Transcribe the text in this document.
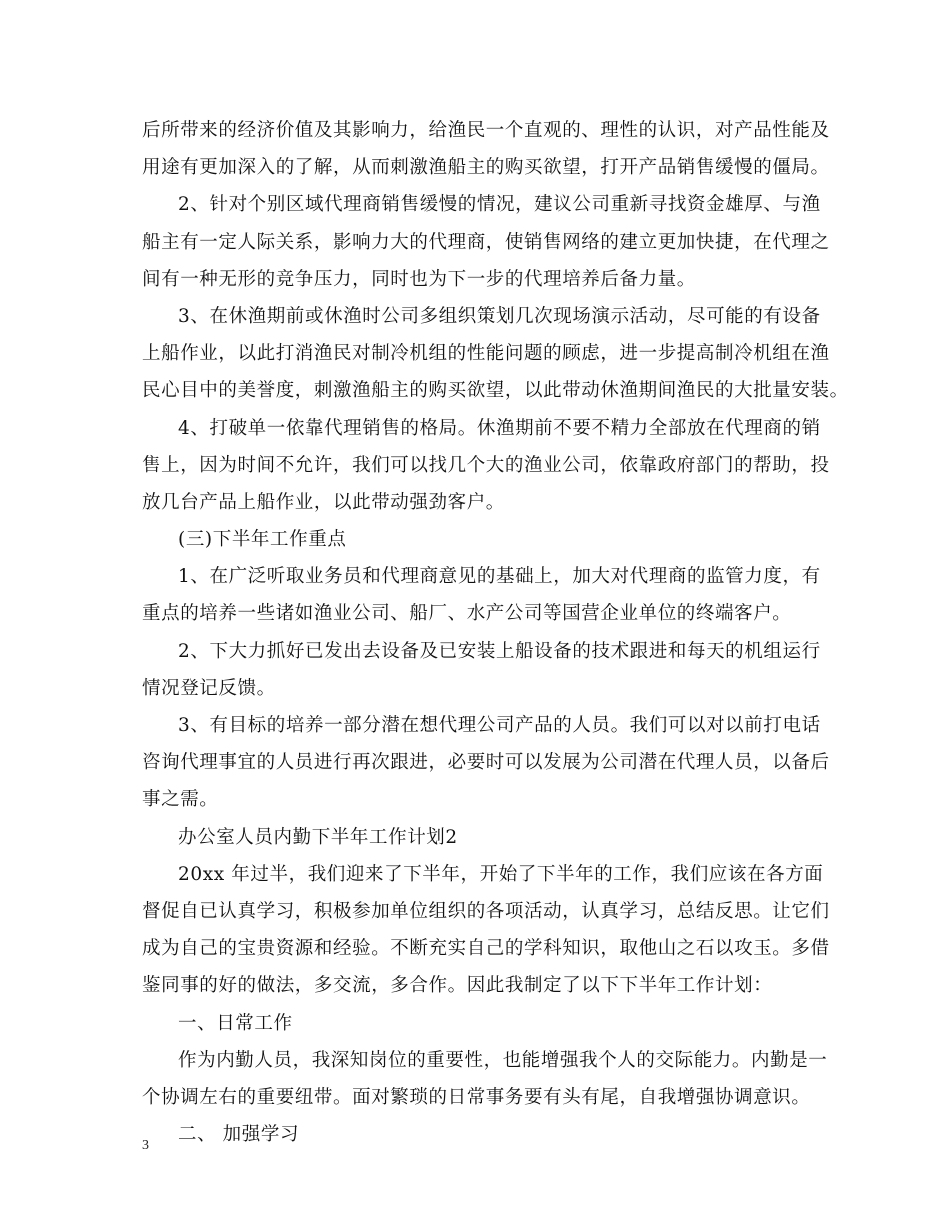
后所带来的经济价值及其影响力，给渔民一个直观的、理性的认识，对产品性能及
用途有更加深入的了解，从而刺激渔船主的购买欲望，打开产品销售缓慢的僵局。
2、针对个别区域代理商销售缓慢的情况，建议公司重新寻找资金雄厚、与渔
船主有一定人际关系，影响力大的代理商，使销售网络的建立更加快捷，在代理之
间有一种无形的竞争压力，同时也为下一步的代理培养后备力量。
3、在休渔期前或休渔时公司多组织策划几次现场演示活动，尽可能的有设备
上船作业，以此打消渔民对制冷机组的性能问题的顾虑，进一步提高制冷机组在渔
民心目中的美誉度，刺激渔船主的购买欲望，以此带动休渔期间渔民的大批量安装。
4、打破单一依靠代理销售的格局。休渔期前不要不精力全部放在代理商的销
售上，因为时间不允许，我们可以找几个大的渔业公司，依靠政府部门的帮助，投
放几台产品上船作业，以此带动强劲客户。
(三)下半年工作重点
1、在广泛听取业务员和代理商意见的基础上，加大对代理商的监管力度，有
重点的培养一些诸如渔业公司、船厂、水产公司等国营企业单位的终端客户。
2、下大力抓好已发出去设备及已安装上船设备的技术跟进和每天的机组运行
情况登记反馈。
3、有目标的培养一部分潜在想代理公司产品的人员。我们可以对以前打电话
咨询代理事宜的人员进行再次跟进，必要时可以发展为公司潜在代理人员，以备后
事之需。
办公室人员内勤下半年工作计划2
20xx 年过半，我们迎来了下半年，开始了下半年的工作，我们应该在各方面
督促自已认真学习，积极参加单位组织的各项活动，认真学习，总结反思。让它们
成为自己的宝贵资源和经验。不断充实自己的学科知识，取他山之石以攻玉。多借
鉴同事的好的做法，多交流，多合作。因此我制定了以下下半年工作计划：
一、日常工作
作为内勤人员，我深知岗位的重要性，也能增强我个人的交际能力。内勤是一
个协调左右的重要纽带。面对繁琐的日常事务要有头有尾，自我增强协调意识。
二、 加强学习
3
